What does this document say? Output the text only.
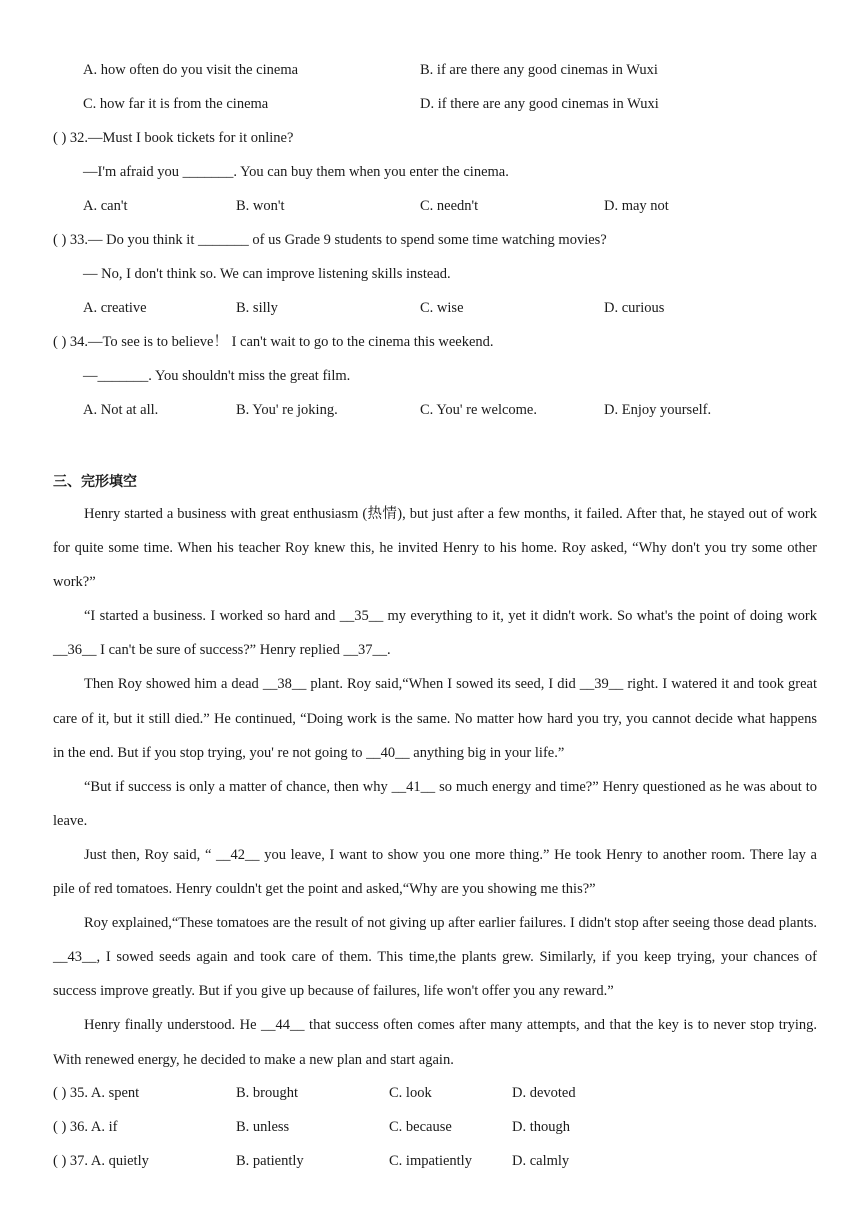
A. how often do you visit the cinema	B. if are there any good cinemas in Wuxi
C. how far it is from the cinema	D. if there are any good cinemas in Wuxi
( ) 32.—Must I book tickets for it online?
—I'm afraid you _______. You can buy them when you enter the cinema.
A. can't	B. won't	C. needn't	D. may not
( ) 33.— Do you think it _______ of us Grade 9 students to spend some time watching movies?
— No, I don't think so. We can improve listening skills instead.
A. creative	B. silly	C. wise	D. curious
( ) 34.—To see is to believe！ I can't wait to go to the cinema this weekend.
—_______. You shouldn't miss the great film.
A. Not at all.	B. You' re joking.	C. You' re welcome.	D. Enjoy yourself.
三、完形填空

Henry started a business with great enthusiasm (热情), but just after a few months, it failed. After that, he stayed out of work for quite some time. When his teacher Roy knew this, he invited Henry to his home. Roy asked, “Why don't you try some other work?”

“I started a business. I worked so hard and __35__ my everything to it, yet it didn't work. So what's the point of doing work __36__ I can't be sure of success?” Henry replied __37__.

Then Roy showed him a dead __38__ plant. Roy said,“When I sowed its seed, I did __39__ right. I watered it and took great care of it, but it still died.” He continued, “Doing work is the same. No matter how hard you try, you cannot decide what happens in the end. But if you stop trying, you' re not going to __40__ anything big in your life.”

“But if success is only a matter of chance, then why __41__ so much energy and time?” Henry questioned as he was about to leave.

Just then, Roy said, “ __42__ you leave, I want to show you one more thing.” He took Henry to another room. There lay a pile of red tomatoes. Henry couldn't get the point and asked,“Why are you showing me this?”

Roy explained,“These tomatoes are the result of not giving up after earlier failures. I didn't stop after seeing those dead plants. __43__, I sowed seeds again and took care of them. This time,the plants grew. Similarly, if you keep trying, your chances of success improve greatly. But if you give up because of failures, life won't offer you any reward.”

Henry finally understood. He __44__ that success often comes after many attempts, and that the key is to never stop trying. With renewed energy, he decided to make a new plan and start again.

( ) 35. A. spent	B. brought	C. look	D. devoted
( ) 36. A. if	B. unless	C. because	D. though
( ) 37. A. quietly	B. patiently	C. impatiently	D. calmly
